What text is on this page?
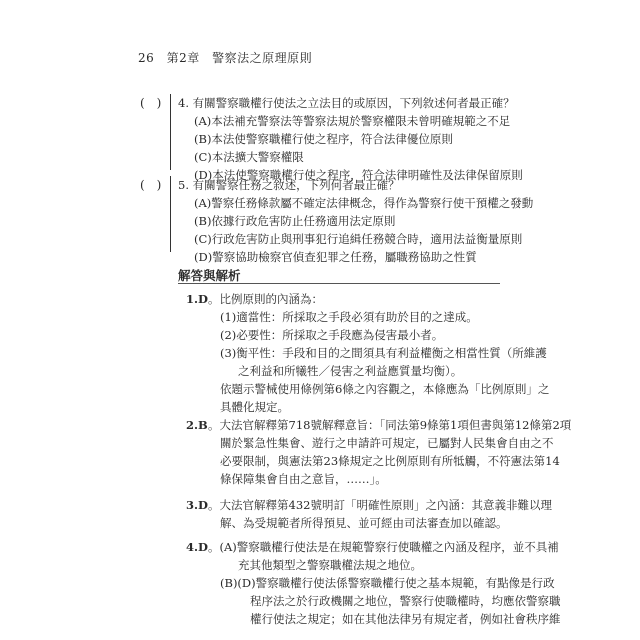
26 第2章 警察法之原理原則
(　) 4. 有關警察職權行使法之立法目的或原因，下列敘述何者最正確？
(A)本法補充警察法等警察法規於警察權限未曾明確規範之不足
(B)本法使警察職權行使之程序，符合法律優位原則
(C)本法擴大警察權限
(D)本法使警察職權行使之程序，符合法律明確性及法律保留原則
(　) 5. 有關警察任務之敘述，下列何者最正確？
(A)警察任務條款屬不確定法律概念，得作為警察行使干預權之發動
(B)依據行政危害防止任務適用法定原則
(C)行政危害防止與刑事犯行追緝任務競合時，適用法益衡量原則
(D)警察協助檢察官偵查犯罪之任務，屬職務協助之性質
解答與解析
1.D 。比例原則的內涵為：
(1)適當性：所採取之手段必須有助於目的之達成。
(2)必要性：所採取之手段應為侵害最小者。
(3)衡平性：手段和目的之間須具有利益權衡之相當性質（所維護
之利益和所犧牲／侵害之利益應質量均衡）。
依題示警械使用條例第6條之內容觀之，本條應為「比例原則」之
具體化規定。
2.B 。大法官解釋第718號解釋意旨：「同法第9條第1項但書與第12條第2項
關於緊急性集會、遊行之申請許可規定，已屬對人民集會自由之不
必要限制，與憲法第23條規定之比例原則有所牴觸，不符憲法第14
條保障集會自由之意旨，……」。
3.D 。大法官解釋第432號明訂「明確性原則」之內涵：其意義非難以理
解、為受規範者所得預見、並可經由司法審查加以確認。
4.D 。(A)警察職權行使法是在規範警察行使職權之內涵及程序，並不具補
充其他類型之警察職權法規之地位。
(B)(D)警察職權行使法係警察職權行使之基本規範，有點像是行政
程序法之於行政機關之地位，警察行使職權時，均應依警察職
權行使法之規定；如在其他法律另有規定者，例如社會秩序維
